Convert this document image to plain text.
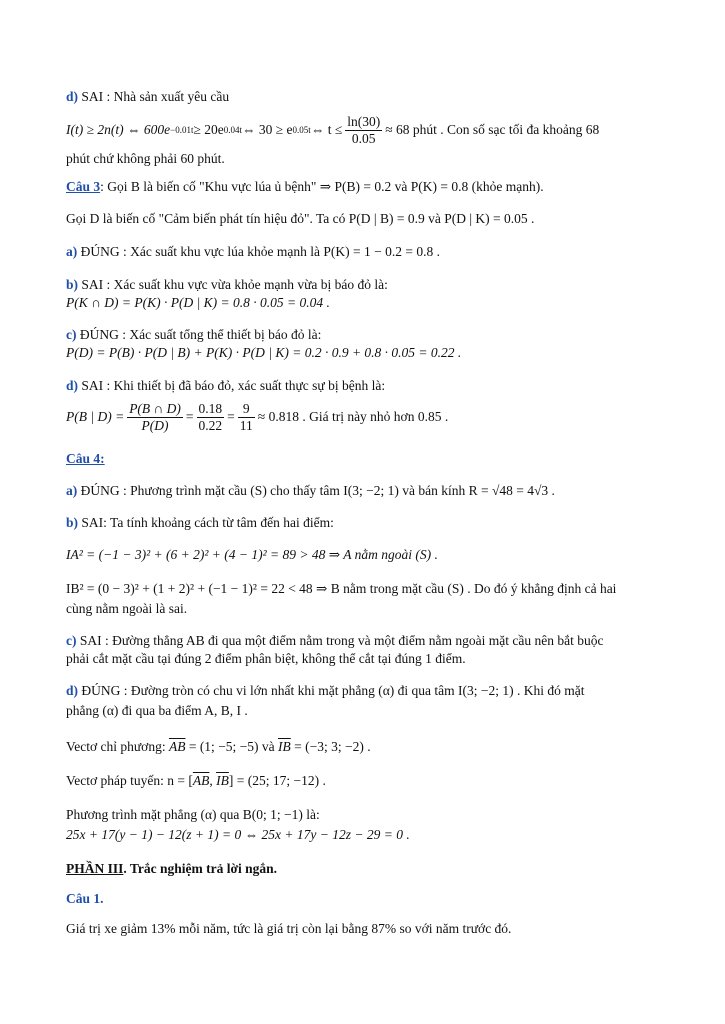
d) SAI : Nhà sản xuất yêu cầu
I(t) ≥ 2n(t) ⇔ 600e −0.01t ≥ 20e 0.04t ⇔ 30 ≥ e 0.05t ⇔ $t \le \frac{\ln(30)}{0.05} \approx 68$ phút . Con số sạc tối đa khoảng 68
phút chứ không phải 60 phút.
Câu 3: Gọi B là biến cố "Khu vực lúa ủ bệnh" ⇒ P(B) = 0.2 và P(K) = 0.8 (khỏe mạnh).
Gọi D là biến cố "Cảm biến phát tín hiệu đỏ". Ta có P(D | B) = 0.9 và P(D | K) = 0.05 .
a) ĐÚNG : Xác suất khu vực lúa khỏe mạnh là P(K) = 1 − 0.2 = 0.8 .
b) SAI : Xác suất khu vực vừa khỏe mạnh vừa bị báo đỏ là:
P(K ∩ D) = P(K) · P(D | K) = 0.8 · 0.05 = 0.04 .
c) ĐÚNG : Xác suất tổng thể thiết bị báo đỏ là:
P(D) = P(B) · P(D | B) + P(K) · P(D | K) = 0.2 · 0.9 + 0.8 · 0.05 = 0.22 .
d) SAI : Khi thiết bị đã báo đỏ, xác suất thực sự bị bệnh là:
P(B | $D) = \frac{P(B \cap D)}{P(D)} = \frac{0.18}{0.22} = \frac{9}{11} \approx 0.818$ . Giá trị này nhỏ hơn 0.85 .
Câu 4:
a) ĐÚNG : Phương trình mặt cầu (S) cho thấy tâm I(3; −2; 1) và bán kính R = √48 = 4√3 .
b) SAI: Ta tính khoảng cách từ tâm đến hai điểm:
IA² = (−1 − 3)² + (6 + 2)² + (4 − 1)² = 89 > 48 ⇒ A nằm ngoài (S) .
IB² = (0 − 3)² + (1 + 2)² + (−1 − 1)² = 22 < 48 ⇒ B nằm trong mặt cầu (S) . Do đó ý khẳng định cả hai
cùng nằm ngoài là sai.
c) SAI : Đường thẳng AB đi qua một điểm nằm trong và một điểm nằm ngoài mặt cầu nên bắt buộc
phải cắt mặt cầu tại đúng 2 điểm phân biệt, không thể cắt tại đúng 1 điểm.
d) ĐÚNG : Đường tròn có chu vi lớn nhất khi mặt phẳng (α) đi qua tâm I(3; −2; 1) . Khi đó mặt
phẳng (α) đi qua ba điểm A, B, I .
Vectơ chỉ phương: $\overline{AB} = (1$; −5; −5) và $\overline{IB} = (-3$; 3; −2) .
Vectơ pháp tuyến: $n = [\overline{AB}$, $\overline{IB}] = (25$; 17; −12) .
Phương trình mặt phẳng (α) qua B(0; 1; −1) là:
25x + 17(y − 1) − 12(z + 1) = 0 ⇔ 25x + 17y − 12z − 29 = 0 .
PHẦN III. Trắc nghiệm trả lời ngắn.
Câu 1.
Giá trị xe giảm 13% mỗi năm, tức là giá trị còn lại bằng 87% so với năm trước đó.
